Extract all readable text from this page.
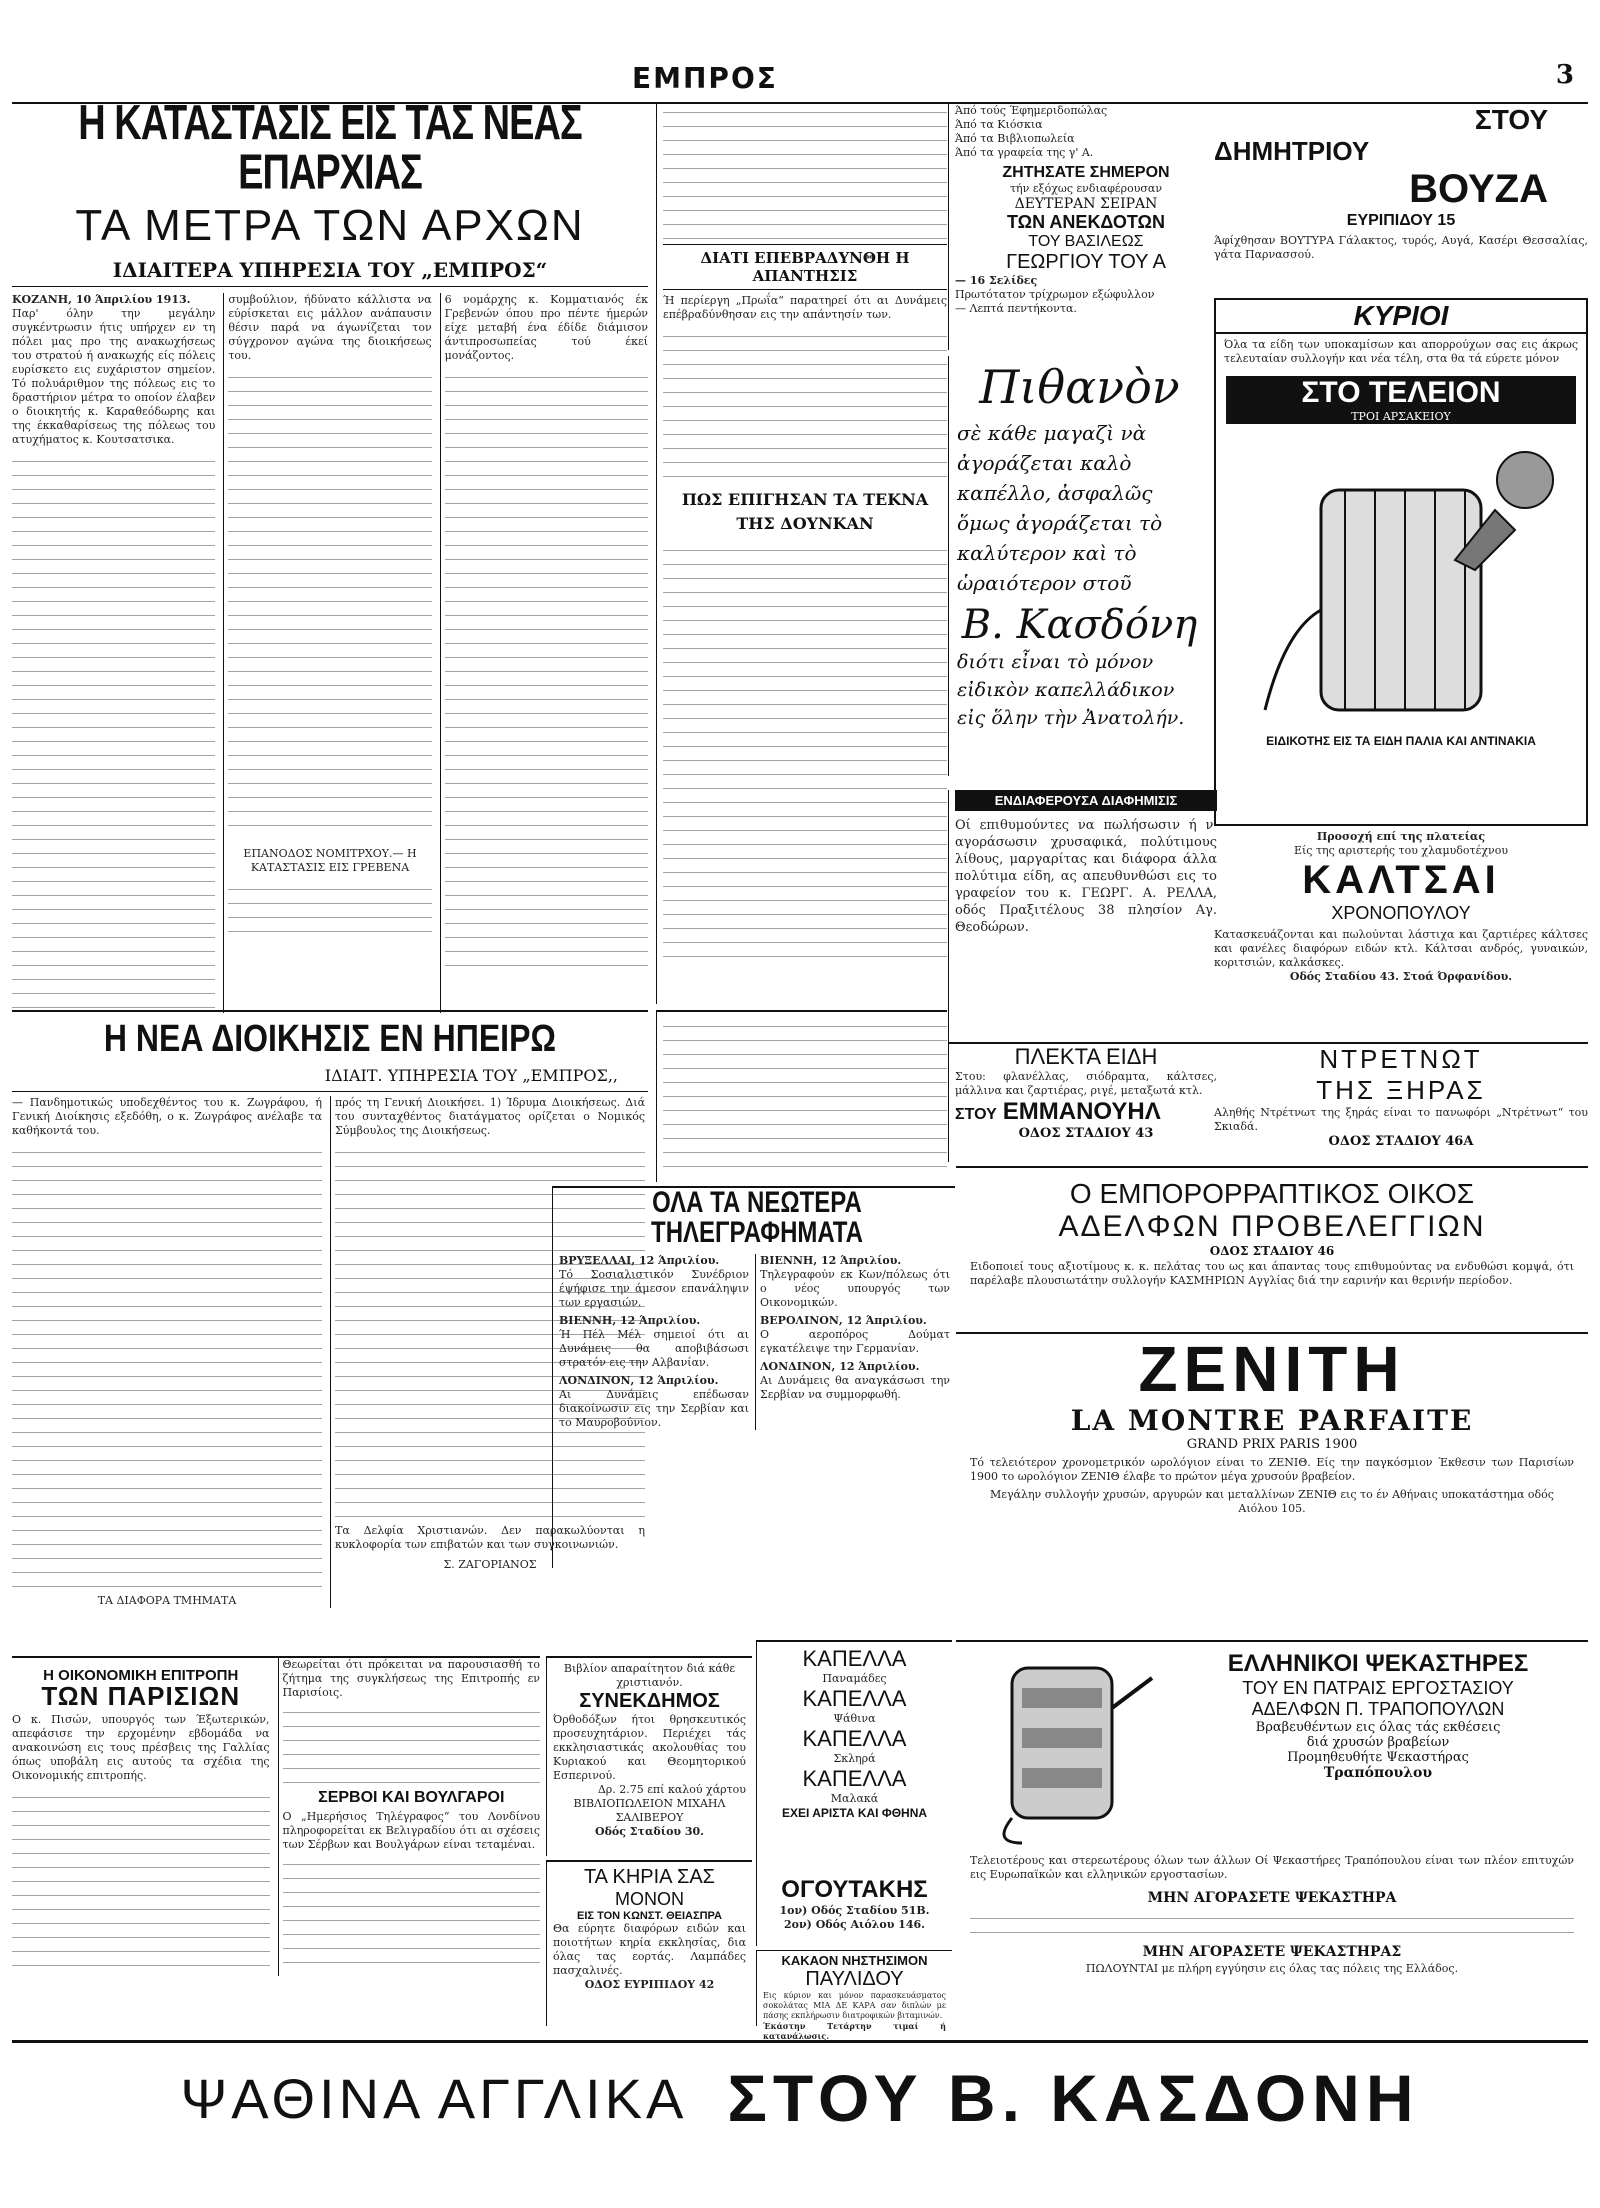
ΕΜΠΡΟΣ	3
Η ΚΑΤΑΣΤΑΣΙΣ ΕΙΣ ΤΑΣ ΝΕΑΣ ΕΠΑΡΧΙΑΣ
ΤΑ ΜΕΤΡΑ ΤΩΝ ΑΡΧΩΝ
ΙΔΙΑΙΤΕΡΑ ΥΠΗΡΕΣΙΑ ΤΟΥ „ΕΜΠΡΟΣ“
ΚΟΖΑΝΗ, 10 Άπριλίου 1913.
Παρ' όλην την μεγάλην συγκέντρωσιν ήτις υπήρχεν εν τη πόλει μας προ της ανακωχήσεως του στρατού ή ανακωχής είς πόλεις ευρίσκετο εις ευχάριστον σημείον. Τό πολυάριθμον της πόλεως εις το δραστήριον μέτρα το οποίον έλαβεν ο διοικητής κ. Καραθεόδωρης και της έκκαθαρίσεως της πόλεως του ατυχήματος κ. Κουτσατσικα.
συμβούλιον, ήδύνατο κάλλιστα να εύρίσκεται εις μάλλον ανάπαυσιν θέσιν παρά να άγωνίζεται τον σύγχρονον αγώνα της διοικήσεως του.
ΕΠΑΝΟΔΟΣ ΝΟΜΙΤΡΧΟΥ.— Η ΚΑΤΑΣΤΑΣΙΣ ΕΙΣ ΓΡΕΒΕΝΑ
6 νομάρχης κ. Κομματιανός έκ Γρεβενών όπου προ πέντε ήμερών είχε μεταβή ένα έδίδε διάμισον άντιπροσωπείας τού έκεί μονάζοντος.
ΔΙΑΤΙ ΕΠΕΒΡΑΔΥΝΘΗ Η ΑΠΑΝΤΗΣΙΣ
Ή περίεργη „Πρωΐα“ παρατηρεί ότι αι Δυνάμεις επέβραδύνθησαν εις την απάντησίν των.
ΠΩΣ ΕΠΙΓΗΣΑΝ ΤΑ ΤΕΚΝΑ ΤΗΣ ΔΟΥΝΚΑΝ
Άπό τούς Έφημεριδοπώλας
Άπό τα Κιόσκια
Άπό τα Βιβλιοπωλεία
Άπό τα γραφεία της γ' Α.
ΖΗΤΗΣΑΤΕ ΣΗΜΕΡΟΝ
τήν εξόχως ενδιαφέρουσαν
ΔΕΥΤΕΡΑΝ ΣΕΙΡΑΝ
ΤΩΝ ΑΝΕΚΔΟΤΩΝ
ΤΟΥ ΒΑΣΙΛΕΩΣ
ΓΕΩΡΓΙΟΥ ΤΟΥ Α
— 16 Σελίδες
Πρωτότατον τρίχρωμον εξώφυλλον
— Λεπτά πεντήκοντα.
ΣΤΟΥ
ΔΗΜΗΤΡΙΟΥ
ΒΟΥΖΑ
ΕΥΡΙΠΙΔΟΥ 15
Άφίχθησαν ΒΟΥΤΥΡΑ Γάλακτος, τυρός, Αυγά, Κασέρι Θεσσαλίας, γάτα Παρνασσού.
ΚΥΡΙΟΙ
Όλα τα είδη των υποκαμίσων και απορρούχων σας εις άκρως τελευταίαν συλλογήν και νέα τέλη, στα θα τά εύρετε μόνον
ΣΤΟ ΤΕΛΕΙΟΝ
ΤΡΟΙ ΑΡΣΑΚΕΙΟΥ
ΕΙΔΙΚΟΤΗΣ ΕΙΣ ΤΑ ΕΙΔΗ ΠΑΛΙΑ ΚΑΙ ΑΝΤΙΝΑΚΙΑ
Πιθανὸν
σὲ κάθε μαγαζὶ νὰ ἀγοράζεται καλὸ καπέλλο, ἀσφαλῶς ὅμως ἀγοράζεται τὸ καλύτερον καὶ τὸ ὡραιότερον στοῦ
Β. Κασδόνη
διότι εἶναι τὸ μόνον εἰδικὸν καπελλάδικον εἰς ὅλην τὴν Ἀνατολήν.
ΕΝΔΙΑΦΕΡΟΥΣΑ ΔΙΑΦΗΜΙΣΙΣ
Οί επιθυμούντες να πωλήσωσιν ή ν' αγοράσωσιν χρυσαφικά, πολύτιμους λίθους, μαργαρίτας και διάφορα άλλα πολύτιμα είδη, ας απευθυνθώσι εις το γραφείον του κ. ΓΕΩΡΓ. Α. ΡΕΛΛΑ, οδός Πραξιτέλους 38 πλησίον Αγ. Θεοδώρων.
Προσοχή επί της πλατείας
Είς της αριστερής του χλαμυδοτέχνου
ΚΑΛΤΣΑΙ
ΧΡΟΝΟΠΟΥΛΟΥ
Κατασκευάζονται και πωλούνται λάστιχα και ζαρτιέρες κάλτσες και φανέλες διαφόρων ειδών κτλ. Κάλτσαι ανδρός, γυναικών, κοριτσιών, καλκάσκες.
Οδός Σταδίου 43. Στοά Όρφανίδου.
ΠΛΕΚΤΑ ΕΙΔΗ
Στου: φλανέλλας, σιόδραμτα, κάλτσες, μάλλινα και ζαρτιέρας, ριγέ, μεταξωτά κτλ.
ΣΤΟΥ ΕΜΜΑΝΟΥΗΛ
ΟΔΟΣ ΣΤΑΔΙΟΥ 43
ΝΤΡΕΤΝΩΤ
ΤΗΣ ΞΗΡΑΣ
Αληθής Ντρέτνωτ της ξηράς είναι το πανωφόρι „Ντρέτνωτ“ του Σκιαδά.
ΟΔΟΣ ΣΤΑΔΙΟΥ 46Α
Η ΝΕΑ ΔΙΟΙΚΗΣΙΣ ΕΝ ΗΠΕΙΡΩ
ΙΔΙΑΙΤ. ΥΠΗΡΕΣΙΑ ΤΟΥ „ΕΜΠΡΟΣ,,
— Πανδημοτικώς υποδεχθέντος του κ. Ζωγράφου, ή Γενική Διοίκησις εξεδόθη, ο κ. Ζωγράφος ανέλαβε τα καθήκοντά του.
ΤΑ ΔΙΑΦΟΡΑ ΤΜΗΜΑΤΑ
πρός τη Γενική Διοικήσει. 1) Ίδρυμα Διοικήσεως. Διά του συνταχθέντος διατάγματος ορίζεται ο Νομικός Σύμβουλος της Διοικήσεως.
Τα Δελφία Χριστιανών. Δεν παρακωλύονται η κυκλοφορία των επιβατών και των συγκοινωνιών.
Σ. ΖΑΓΟΡΙΑΝΟΣ
ΟΛΑ ΤΑ ΝΕΩΤΕΡΑ ΤΗΛΕΓΡΑΦΗΜΑΤΑ
ΒΡΥΞΕΛΛΑΙ, 12 Άπριλίου.
Τό Σοσιαλιστικόν Συνέδριον έψήφισε την άμεσον επανάληψιν των εργασιών.
ΒΙΕΝΝΗ, 12 Άπριλίου.
Ή Πέλ Μέλ σημειοί ότι αι Δυνάμεις θα αποβιβάσωσι στρατόν εις την Αλβανίαν.
ΛΟΝΔΙΝΟΝ, 12 Άπριλίου.
Αι Δυνάμεις επέδωσαν διακοίνωσιν εις την Σερβίαν και το Μαυροβούνιον.
ΒΙΕΝΝΗ, 12 Άπριλίου.
Τηλεγραφούν εκ Κων/πόλεως ότι ο νέος υπουργός των Οικονομικών.
ΒΕΡΟΛΙΝΟΝ, 12 Άπριλίου.
Ο αεροπόρος Δούματ εγκατέλειψε την Γερμανίαν.
ΛΟΝΔΙΝΟΝ, 12 Άπριλίου.
Αι Δυνάμεις θα αναγκάσωσι την Σερβίαν να συμμορφωθή.
Ο ΕΜΠΟΡΟΡΡΑΠΤΙΚΟΣ ΟΙΚΟΣ
ΑΔΕΛΦΩΝ ΠΡΟΒΕΛΕΓΓΙΩΝ
ΟΔΟΣ ΣΤΑΔΙΟΥ 46
Ειδοποιεί τους αξιοτίμους κ. κ. πελάτας του ως και άπαντας τους επιθυμούντας να ενδυθώσι κομψά, ότι παρέλαβε πλουσιωτάτην συλλογήν ΚΑΣΜΗΡΙΩΝ Αγγλίας διά την εαρινήν και θερινήν περίοδον.
ZENITH
LA MONTRE PARFAITE
GRAND PRIX PARIS 1900
Τό τελειότερον χρονομετρικόν ωρολόγιον είναι το ΖΕΝΙΘ. Είς την παγκόσμιον Έκθεσιν των Παρισίων 1900 το ωρολόγιον ΖΕΝΙΘ έλαβε το πρώτον μέγα χρυσούν βραβείον.
Μεγάλην συλλογήν χρυσών, αργυρών και μεταλλίνων ΖΕΝΙΘ εις το έν Αθήναις υποκατάστημα οδός Αιόλου 105.
Η ΟΙΚΟΝΟΜΙΚΗ ΕΠΙΤΡΟΠΗ
ΤΩΝ ΠΑΡΙΣΙΩΝ
Ο κ. Πισών, υπουργός των Έξωτερικών, απεφάσισε την ερχομένην εβδομάδα να ανακοινώση εις τους πρέσβεις της Γαλλίας όπως υποβάλη εις αυτούς τα σχέδια της Οικονομικής επιτροπής.
Θεωρείται ότι πρόκειται να παρουσιασθή το ζήτημα της συγκλήσεως της Επιτροπής εν Παρισίοις.
ΣΕΡΒΟΙ ΚΑΙ ΒΟΥΛΓΑΡΟΙ
Ο „Ημερήσιος Τηλέγραφος“ του Λονδίνου πληροφορείται εκ Βελιγραδίου ότι αι σχέσεις των Σέρβων και Βουλγάρων είναι τεταμέναι.
Βιβλίον απαραίτητον διά κάθε χριστιανόν.
ΣΥΝΕΚΔΗΜΟΣ
Όρθοδόξων ήτοι θρησκευτικός προσευχητάριον. Περιέχει τάς εκκλησιαστικάς ακολουθίας του Κυριακού και Θεομητορικού Εσπερινού.
Δρ. 2.75 επί καλού χάρτου
ΒΙΒΛΙΟΠΩΛΕΙΟΝ ΜΙΧΑΗΛ ΣΑΛΙΒΕΡΟΥ
Οδός Σταδίου 30.
ΤΑ ΚΗΡΙΑ ΣΑΣ
ΜΟΝΟΝ
ΕΙΣ ΤΟΝ ΚΩΝΣΤ. ΘΕΙΑΣΠΡΑ
Θα εύρητε διαφόρων ειδών και ποιοτήτων κηρία εκκλησίας, δια όλας τας εορτάς. Λαμπάδες πασχαλινές.
ΟΔΟΣ ΕΥΡΙΠΙΔΟΥ 42
ΚΑΠΕΛΛΑ
Παναμάδες
ΚΑΠΕΛΛΑ
Ψάθινα
ΚΑΠΕΛΛΑ
Σκληρά
ΚΑΠΕΛΛΑ
Μαλακά
ΕΧΕΙ ΑΡΙΣΤΑ ΚΑΙ ΦΘΗΝΑ
ΟΓΟΥΤΑΚΗΣ
1ον) Οδός Σταδίου 51Β.
2ον) Οδός Αιόλου 146.
ΚΑΚΑΟΝ ΝΗΣΤΗΣΙΜΟΝ
ΠΑΥΛΙΔΟΥ
Εις κύριον και μόνον παρασκευάσματος σοκολάτας ΜΙΑ ΔΕ ΚΑΡΑ σαν διπλών με πάσης εκπλήρωσιν διατροφικών βιταμινών.
Έκάστην Τετάρτην τιμαί ή κατανάλωσις.
ΕΛΛΗΝΙΚΟΙ ΨΕΚΑΣΤΗΡΕΣ
ΤΟΥ ΕΝ ΠΑΤΡΑΙΣ ΕΡΓΟΣΤΑΣΙΟΥ
ΑΔΕΛΦΩΝ Π. ΤΡΑΠΟΠΟΥΛΩΝ
Βραβευθέντων εις όλας τάς εκθέσεις
διά χρυσών βραβείων
Προμηθευθήτε Ψεκαστήρας
Τραπόπουλου
Τελειοτέρους και στερεωτέρους όλων των άλλων Οί Ψεκαστήρες Τραπόπουλου είναι των πλέον επιτυχών εις Ευρωπαϊκών και ελληνικών εργοστασίων.
ΜΗΝ ΑΓΟΡΑΣΕΤΕ ΨΕΚΑΣΤΗΡΑ
ΜΗΝ ΑΓΟΡΑΣΕΤΕ ΨΕΚΑΣΤΗΡΑΣ
ΠΩΛΟΥΝΤΑΙ με πλήρη εγγύησιν εις όλας τας πόλεις της Ελλάδος.
ΨΑΘΙΝΑ ΑΓΓΛΙΚΑ ΣΤΟΥ Β. ΚΑΣΔΟΝΗ
